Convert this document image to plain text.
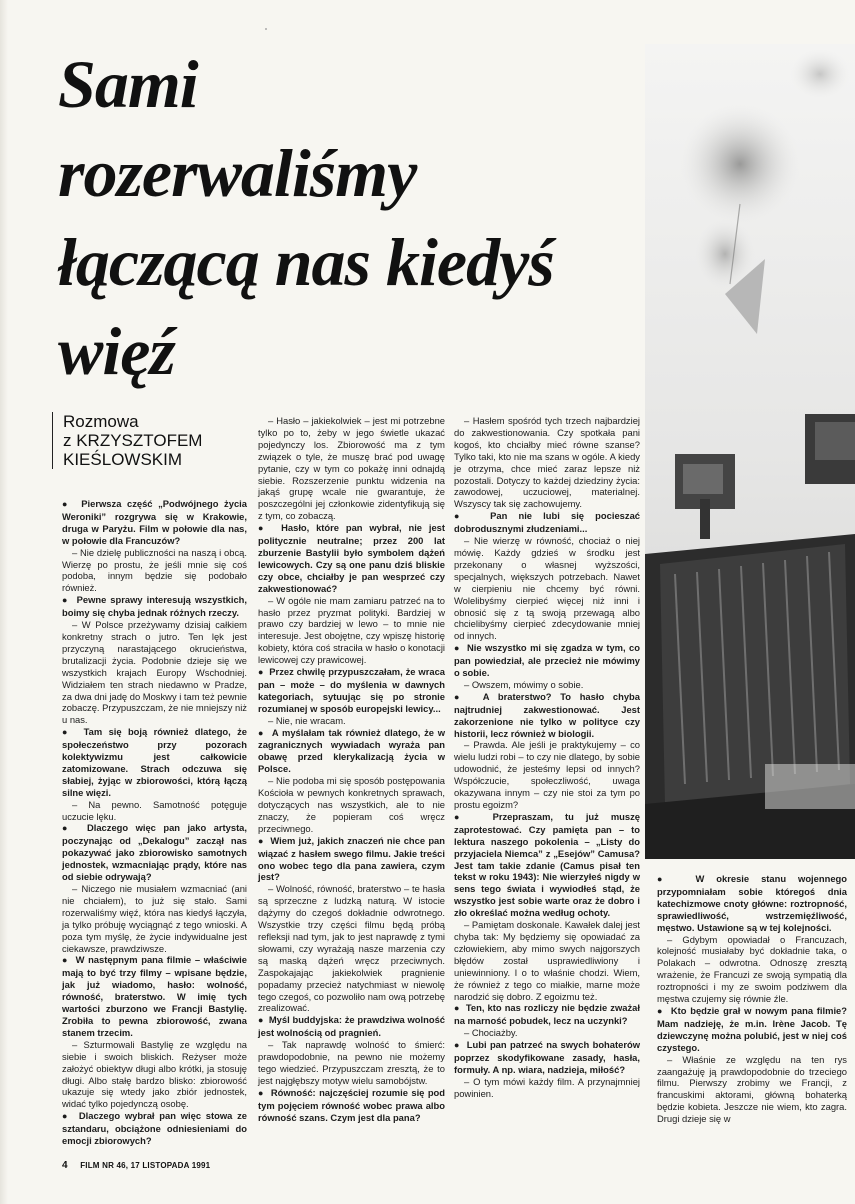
Sami
rozerwaliśmy
łączącą nas kiedyś
więź
Rozmowa
z KRZYSZTOFEM
KIEŚLOWSKIM

●  Pierwsza część „Podwójnego życia Weroniki” rozgrywa się w Krakowie, druga w Paryżu. Film w połowie dla nas, w połowie dla Francuzów?

– Nie dzielę publiczności na naszą i obcą. Wierzę po prostu, że jeśli mnie się coś podoba, innym będzie się podobało również.

●  Pewne sprawy interesują wszystkich, boimy się chyba jednak różnych rzeczy.

– W Polsce przeżywamy dzisiaj całkiem konkretny strach o jutro. Ten lęk jest przyczyną narastającego okrucieństwa, brutalizacji życia. Podobnie dzieje się we wszystkich krajach Europy Wschodniej. Widziałem ten strach niedawno w Pradze, za dwa dni jadę do Moskwy i tam też pewnie zobaczę. Przypuszczam, że nie mniejszy niż u nas.

●  Tam się boją również dlatego, że społeczeństwo przy pozorach kolektywizmu jest całkowicie zatomizowane. Strach odczuwa się słabiej, żyjąc w zbiorowości, którą łączą silne więzi.

– Na pewno. Samotność potęguje uczucie lęku.

●  Dlaczego więc pan jako artysta, poczynając od „Dekalogu” zaczął nas pokazywać jako zbiorowisko samotnych jednostek, wzmacniając prądy, które nas od siebie odrywają?

– Niczego nie musiałem wzmacniać (ani nie chciałem), to już się stało. Sami rozerwaliśmy więź, która nas kiedyś łączyła, ja tylko próbuję wyciągnąć z tego wnioski. A poza tym myślę, że życie indywidualne jest ciekawsze, prawdziwsze.

●  W następnym pana filmie – właściwie mają to być trzy filmy – wpisane będzie, jak już wiadomo, hasło: wolność, równość, braterstwo. W imię tych wartości zburzono we Francji Bastylię. Zrobiła to pewna zbiorowość, zwana stanem trzecim.

– Szturmowali Bastylię ze względu na siebie i swoich bliskich. Reżyser może założyć obiektyw długi albo krótki, ja stosuję długi. Albo stałę bardzo blisko: zbiorowość ukazuje się wtedy jako zbiór jednostek, widać tylko pojedynczą osobę.

●  Dlaczego wybrał pan więc stowa ze sztandaru, obciążone odniesieniami do emocji zbiorowych?

– Hasło – jakiekolwiek – jest mi potrzebne tylko po to, żeby w jego świetle ukazać pojedynczy los. Zbiorowość ma z tym związek o tyle, że muszę brać pod uwagę pytanie, czy w tym co pokażę inni odnajdą siebie. Rozszerzenie punktu widzenia na jakąś grupę wcale nie gwarantuje, że poszczególni jej członkowie zidentyfikują się z tym, co zobaczą.

●  Hasło, które pan wybrał, nie jest politycznie neutralne; przez 200 lat zburzenie Bastylii było symbolem dążeń lewicowych. Czy są one panu dziś bliskie czy obce, chciałby je pan wesprzeć czy zakwestionować?

– W ogóle nie mam zamiaru patrzeć na to hasło przez pryzmat polityki. Bardziej w prawo czy bardziej w lewo – to mnie nie interesuje. Jest obojętne, czy wpiszę historię kobiety, która coś straciła w hasło o konotacji lewicowej czy prawicowej.

●  Przez chwilę przypuszczałam, że wraca pan – może – do myślenia w dawnych kategoriach, sytuując się po stronie rozumianej w sposób europejski lewicy...

– Nie, nie wracam.

●  A myślałam tak również dlatego, że w zagranicznych wywiadach wyraża pan obawę przed klerykalizacją życia w Polsce.

– Nie podoba mi się sposób postępowania Kościoła w pewnych konkretnych sprawach, dotyczących nas wszystkich, ale to nie znaczy, że popieram coś wręcz przeciwnego.

●  Wiem już, jakich znaczeń nie chce pan wiązać z hasłem swego filmu. Jakie treści ono wobec tego dla pana zawiera, czym jest?

– Wolność, równość, braterstwo – te hasła są sprzeczne z ludzką naturą. W istocie dążymy do czegoś dokładnie odwrotnego. Wszystkie trzy części filmu będą próbą refleksji nad tym, jak to jest naprawdę z tymi słowami, czy wyrażają nasze marzenia czy są maską dążeń wręcz przeciwnych. Zaspokajając jakiekolwiek pragnienie popadamy przecież natychmiast w niewolę tego czegoś, co pozwoliło nam ową potrzebę zrealizować.

●  Myśl buddyjska: że prawdziwa wolność jest wolnością od pragnień.

– Tak naprawdę wolność to śmierć: prawdopodobnie, na pewno nie możemy tego wiedzieć. Przypuszczam zresztą, że to jest najgłębszy motyw wielu samobójstw.

●  Równość: najczęściej rozumie się pod tym pojęciem równość wobec prawa albo równość szans. Czym jest dla pana?

– Hasłem spośród tych trzech najbardziej do zakwestionowania. Czy spotkała pani kogoś, kto chciałby mieć równe szanse? Tylko taki, kto nie ma szans w ogóle. A kiedy je otrzyma, chce mieć zaraz lepsze niż pozostali. Dotyczy to każdej dziedziny życia: zawodowej, uczuciowej, materialnej. Wszyscy tak się zachowujemy.

●  Pan nie lubi się pocieszać dobrodusznymi złudzeniami...

– Nie wierzę w równość, chociaż o niej mówię. Każdy gdzieś w środku jest przekonany o własnej wyższości, specjalnych, większych potrzebach. Nawet w cierpieniu nie chcemy być równi. Wolelibyśmy cierpieć więcej niż inni i obnosić się z tą swoją przewagą albo chcielibyśmy cierpieć zdecydowanie mniej od innych.

●  Nie wszystko mi się zgadza w tym, co pan powiedział, ale przecież nie mówimy o sobie.

– Owszem, mówimy o sobie.

●  A braterstwo? To hasło chyba najtrudniej zakwestionować. Jest zakorzenione nie tylko w polityce czy historii, lecz również w biologii.

– Prawda. Ale jeśli je praktykujemy – co wielu ludzi robi – to czy nie dlatego, by sobie udowodnić, że jesteśmy lepsi od innych? Współczucie, społeczliwość, uwaga okazywana innym – czy nie stoi za tym po prostu egoizm?

●  Przepraszam, tu już muszę zaprotestować. Czy pamięta pan – to lektura naszego pokolenia – „Listy do przyjaciela Niemca” z „Esejów” Camusa? Jest tam takie zdanie (Camus pisał ten tekst w roku 1943): Nie wierzyłeś nigdy w sens tego świata i wywiodłeś stąd, że wszystko jest sobie warte oraz że dobro i zło określać można według ochoty.

– Pamiętam doskonale. Kawałek dalej jest chyba tak: My będziemy się opowiadać za człowiekiem, aby mimo swych najgorszych błędów został usprawiedliwiony i uniewinniony. I o to właśnie chodzi. Wiem, że również z tego co miałkie, marne może narodzić się dobro. Z egoizmu też.

●  Ten, kto nas rozliczy nie będzie zważał na marność pobudek, lecz na uczynki?

– Chociażby.

●  Lubi pan patrzeć na swych bohaterów poprzez skodyfikowane zasady, hasła, formuły. A np. wiara, nadzieja, miłość?

– O tym mówi każdy film. A przynajmniej powinien.

●  W okresie stanu wojennego przypomniałam sobie któregoś dnia katechizmowe cnoty główne: roztropność, sprawiedliwość, wstrzemięźliwość, męstwo. Ustawione są w tej kolejności.

– Gdybym opowiadał o Francuzach, kolejność musiałaby być dokładnie taka, o Polakach – odwrotna. Odnoszę zresztą wrażenie, że Francuzi ze swoją sympatią dla roztropności i my ze swoim podziwem dla męstwa czujemy się równie źle.

●  Kto będzie grał w nowym pana filmie? Mam nadzieję, że m.in. Irène Jacob. Tę dziewczynę można polubić, jest w niej coś czystego.

– Właśnie ze względu na ten rys zaangażuję ją prawdopodobnie do trzeciego filmu. Pierwszy zrobimy we Francji, z francuskimi aktorami, główną bohaterką będzie kobieta. Jeszcze nie wiem, kto zagra. Drugi dzieje się w

4 FILM NR 46, 17 LISTOPADA 1991
